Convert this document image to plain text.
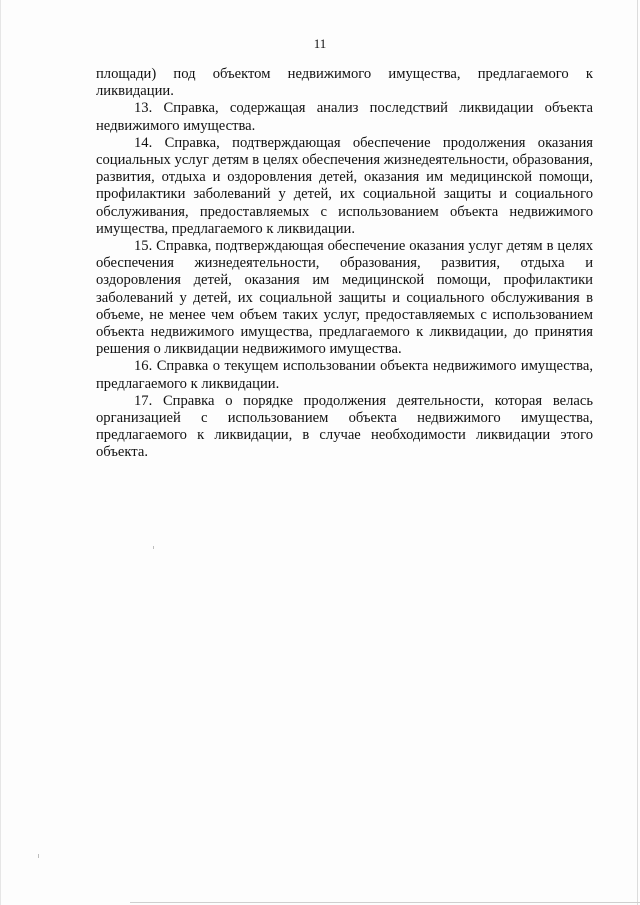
11

площади) под объектом недвижимого имущества, предлагаемого к ликвидации.

13. Справка, содержащая анализ последствий ликвидации объекта недвижимого имущества.

14. Справка, подтверждающая обеспечение продолжения оказания социальных услуг детям в целях обеспечения жизнедеятельности, образования, развития, отдыха и оздоровления детей, оказания им медицинской помощи, профилактики заболеваний у детей, их социальной защиты и социального обслуживания, предоставляемых с использованием объекта недвижимого имущества, предлагаемого к ликвидации.

15. Справка, подтверждающая обеспечение оказания услуг детям в целях обеспечения жизнедеятельности, образования, развития, отдыха и оздоровления детей, оказания им медицинской помощи, профилактики заболеваний у детей, их социальной защиты и социального обслуживания в объеме, не менее чем объем таких услуг, предоставляемых с использованием объекта недвижимого имущества, предлагаемого к ликвидации, до принятия решения о ликвидации недвижимого имущества.

16. Справка о текущем использовании объекта недвижимого имущества, предлагаемого к ликвидации.

17. Справка о порядке продолжения деятельности, которая велась организацией с использованием объекта недвижимого имущества, предлагаемого к ликвидации, в случае необходимости ликвидации этого объекта.
